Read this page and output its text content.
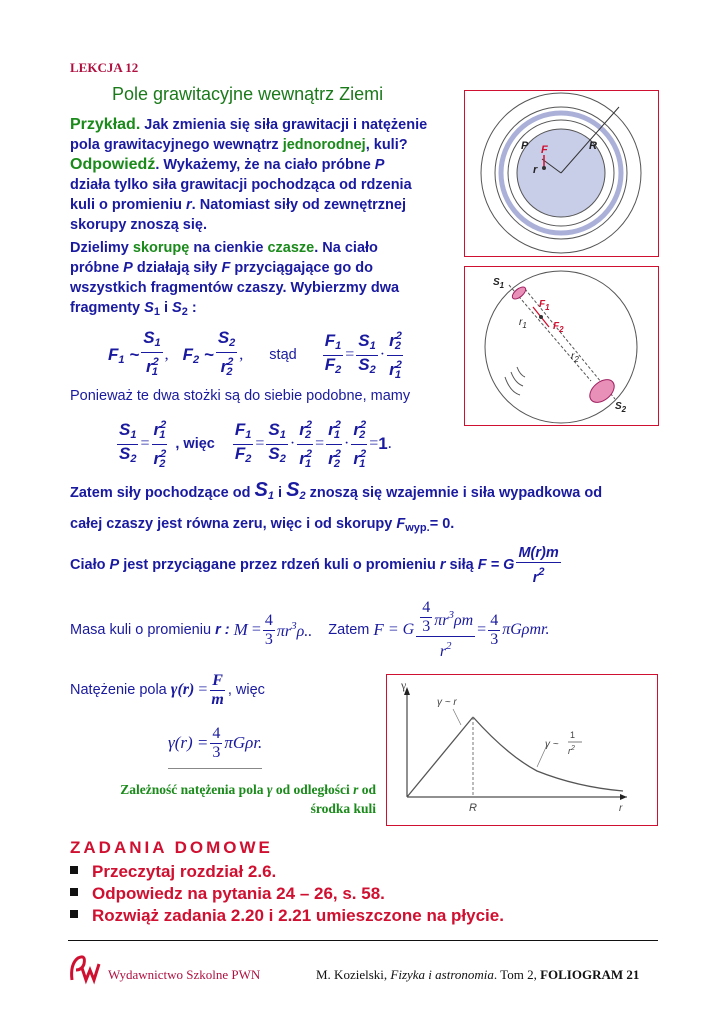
LEKCJA 12
Pole grawitacyjne wewnątrz Ziemi
Przykład. Jak zmienia się siła grawitacji i natężenie
pola grawitacyjnego wewnątrz jednorodnej, kuli?
Odpowiedź. Wykażemy, że na ciało próbne P
działa tylko siła grawitacji pochodząca od rdzenia
kuli o promieniu r. Natomiast siły od zewnętrznej
skorupy znoszą się.
Dzielimy skorupę na cienkie czasze. Na ciało
próbne P działają siły F przyciągające go do
wszystkich fragmentów czaszy. Wybierzmy dwa
fragmenty $S_1$ i $S_2$ :
$F_1$ ~ $\frac{S_1}{r^2_1}$ , $F_2$ ~ $\frac{S_2}{r^2_2}$ , stąd $\frac{F_1}{F_2} = \frac{S_1}{S_2} \cdot \frac{r^2_2}{r^2_1}$
Ponieważ te dwa stożki są do siebie podobne, mamy
$\frac{S_1}{S_2} = \frac{r^2_1}{r^2_2}$ , więc $\frac{F_1}{F_2} = \frac{S_1}{S_2} \cdot \frac{r^2_2}{r^2_1} = \frac{r^2_1}{r^2_2} \cdot \frac{r^2_2}{r^2_1} = 1$ .
Zatem siły pochodzące od
$S_1$
i
$S_2$
znoszą się wzajemnie i siła wypadkowa od
całej czaszy jest równa zeru, więc i od skorupy $F_{wyp.}= 0$.
Ciało
P
jest przyciągane przez rdzeń kuli o promieniu
r
siłą
F = G $\frac{M(r)m}{r^2}$
Masa kuli o promieniu
r :
M
= $\frac{4}{3} \pi r^3\rho$.. Zatem
F
= G $\frac{\frac{4}{3} \pi r^3\rho m}{r^2} = \frac{4}{3} \pi G\rho mr$.
Natężenie pola
γ(r)
= $\frac{F}{m}$ , więc
$\gamma(r) = \frac{4}{3} \pi G\rho r$.
Zależność natężenia pola γ od odległości r od
środka kuli
P F	R
r
$S_1$
$F_1$
$F_2$
$r_1$
$r_2$
$S_2$
γ
γ ~ r
γ ~
1
$r^2$
R	r
ZADANIA DOMOWE
Przeczytaj rozdział 2.6.
Odpowiedz na pytania 24 – 26, s. 58.
Rozwiąż zadania 2.20 i 2.21 umieszczone na płycie.
Wydawnictwo Szkolne PWN	M. Kozielski, Fizyka i astronomia. Tom 2, FOLIOGRAM 21
